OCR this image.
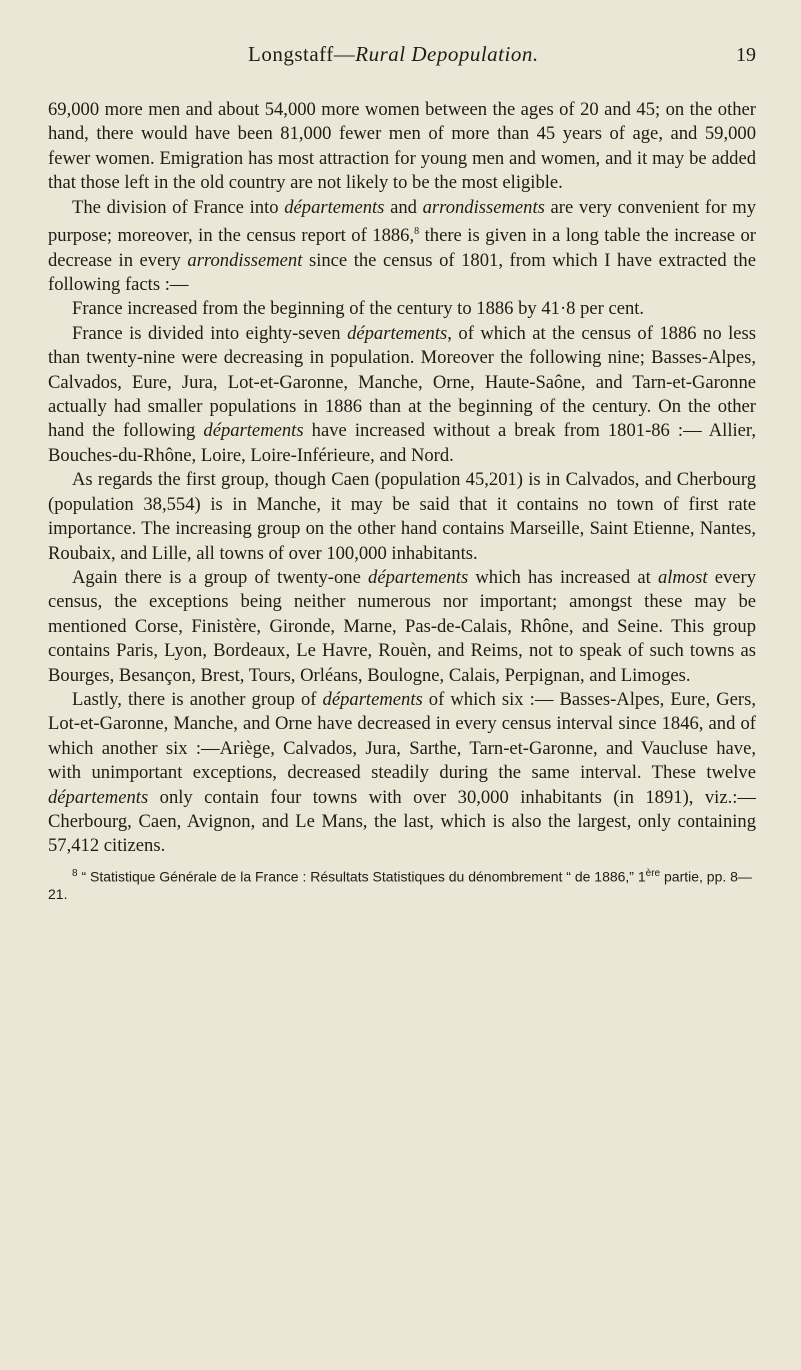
Longstaff—Rural Depopulation.	19

69,000 more men and about 54,000 more women between the ages of 20 and 45; on the other hand, there would have been 81,000 fewer men of more than 45 years of age, and 59,000 fewer women. Emigration has most attraction for young men and women, and it may be added that those left in the old country are not likely to be the most eligible.

The division of France into départements and arrondissements are very convenient for my purpose; moreover, in the census report of 1886,$^8$ there is given in a long table the increase or decrease in every arrondissement since the census of 1801, from which I have extracted the following facts :—

France increased from the beginning of the century to 1886 by 41·8 per cent.

France is divided into eighty-seven départements, of which at the census of 1886 no less than twenty-nine were decreasing in population. Moreover the following nine; Basses-Alpes, Calvados, Eure, Jura, Lot-et-Garonne, Manche, Orne, Haute-Saône, and Tarn-et-Garonne actually had smaller populations in 1886 than at the beginning of the century. On the other hand the following départements have increased without a break from 1801-86 :— Allier, Bouches-du-Rhône, Loire, Loire-Inférieure, and Nord.

As regards the first group, though Caen (population 45,201) is in Calvados, and Cherbourg (population 38,554) is in Manche, it may be said that it contains no town of first rate importance. The increasing group on the other hand contains Marseille, Saint Etienne, Nantes, Roubaix, and Lille, all towns of over 100,000 inhabitants.

Again there is a group of twenty-one départements which has increased at almost every census, the exceptions being neither numerous nor important; amongst these may be mentioned Corse, Finistère, Gironde, Marne, Pas-de-Calais, Rhône, and Seine. This group contains Paris, Lyon, Bordeaux, Le Havre, Rouèn, and Reims, not to speak of such towns as Bourges, Besançon, Brest, Tours, Orléans, Boulogne, Calais, Perpignan, and Limoges.

Lastly, there is another group of départements of which six :— Basses-Alpes, Eure, Gers, Lot-et-Garonne, Manche, and Orne have decreased in every census interval since 1846, and of which another six :—Ariège, Calvados, Jura, Sarthe, Tarn-et-Garonne, and Vaucluse have, with unimportant exceptions, decreased steadily during the same interval. These twelve départements only contain four towns with over 30,000 inhabitants (in 1891), viz.:—Cherbourg, Caen, Avignon, and Le Mans, the last, which is also the largest, only containing 57,412 citizens.

$^8$ “ Statistique Générale de la France : Résultats Statistiques du dénombrement “ de 1886,” 1ère partie, pp. 8—21.
